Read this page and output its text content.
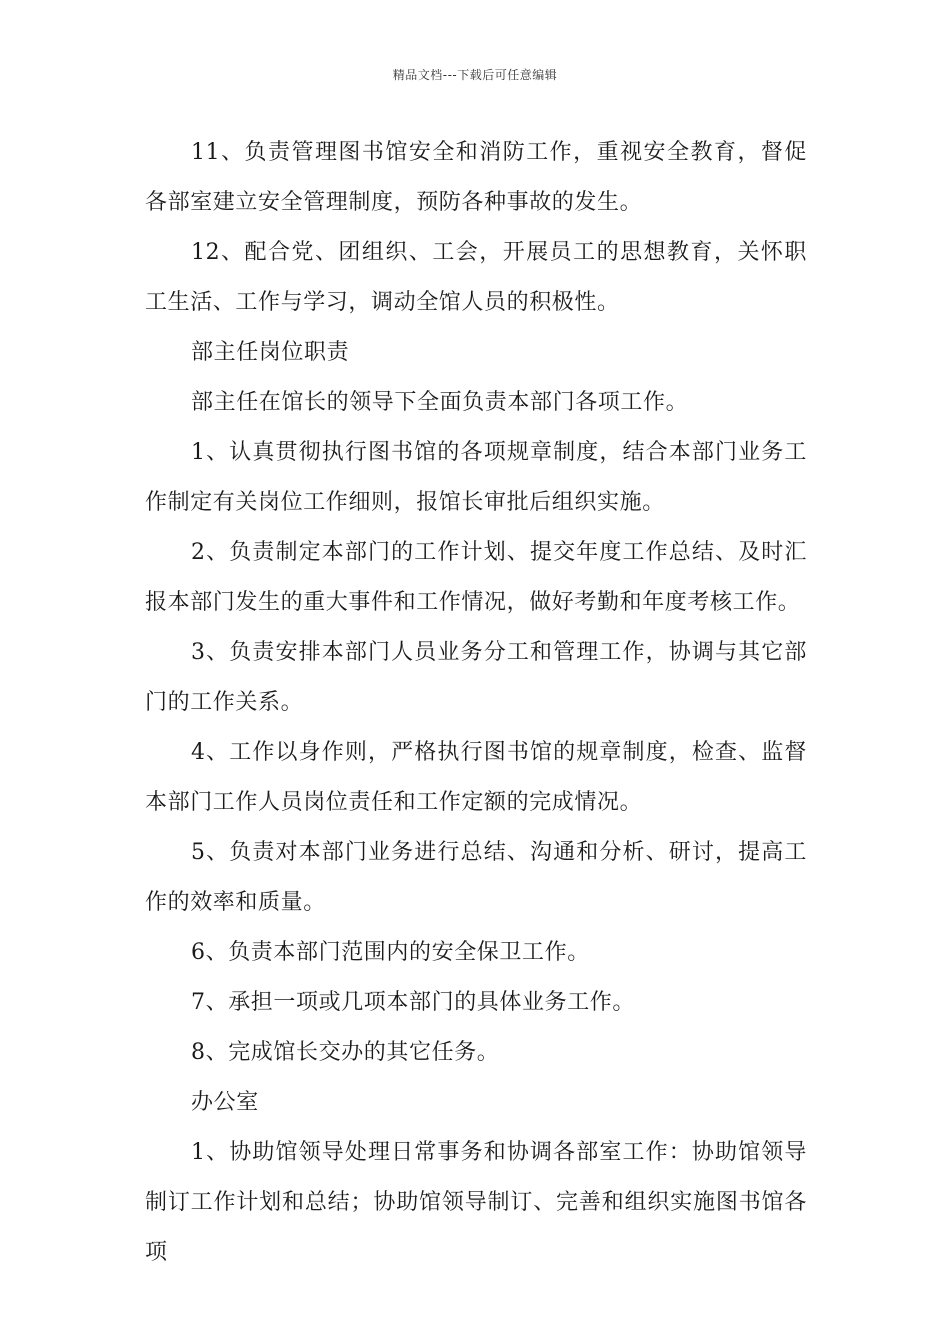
精品文档---下载后可任意编辑

11、负责管理图书馆安全和消防工作，重视安全教育，督促各部室建立安全管理制度，预防各种事故的发生。

12、配合党、团组织、工会，开展员工的思想教育，关怀职工生活、工作与学习，调动全馆人员的积极性。

部主任岗位职责

部主任在馆长的领导下全面负责本部门各项工作。

1、认真贯彻执行图书馆的各项规章制度，结合本部门业务工作制定有关岗位工作细则，报馆长审批后组织实施。

2、负责制定本部门的工作计划、提交年度工作总结、及时汇报本部门发生的重大事件和工作情况，做好考勤和年度考核工作。

3、负责安排本部门人员业务分工和管理工作，协调与其它部门的工作关系。

4、工作以身作则，严格执行图书馆的规章制度，检查、监督本部门工作人员岗位责任和工作定额的完成情况。

5、负责对本部门业务进行总结、沟通和分析、研讨，提高工作的效率和质量。

6、负责本部门范围内的安全保卫工作。

7、承担一项或几项本部门的具体业务工作。

8、完成馆长交办的其它任务。

办公室

1、协助馆领导处理日常事务和协调各部室工作：协助馆领导制订工作计划和总结；协助馆领导制订、完善和组织实施图书馆各项
